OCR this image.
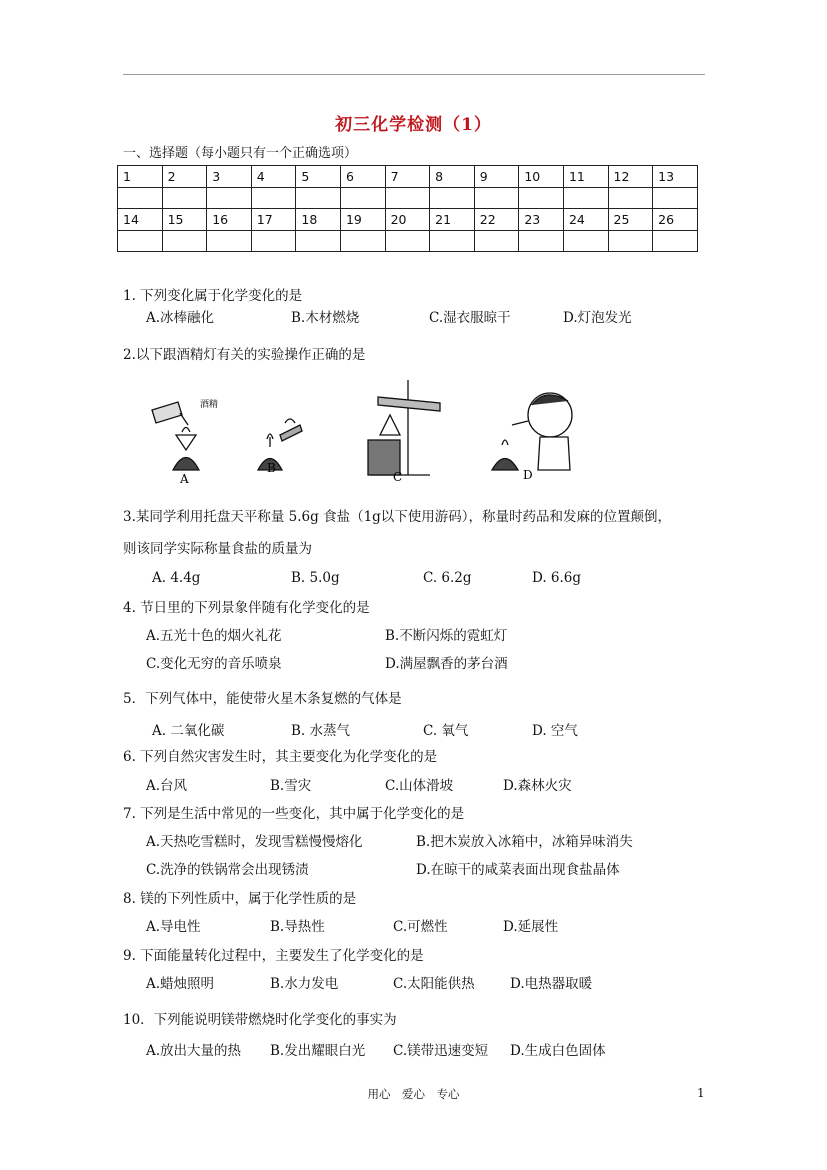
初三化学检测（1）
一、选择题（每小题只有一个正确选项）
1	2	3	4	5	6	7	8	9	10	11	12	13

14	15	16	17	18	19	20	21	22	23	24	25	26

A.冰棒融化	B.木材燃烧	C.湿衣服晾干	D.灯泡发光
1. 下列变化属于化学变化的是
2.以下跟酒精灯有关的实验操作正确的是
酒精
A
B
C	D
3.某同学利用托盘天平称量 5.6g 食盐（1g以下使用游码），称量时药品和发麻的位置颠倒，
则该同学实际称量食盐的质量为
A. 4.4g	B. 5.0g	C. 6.2g	D. 6.6g
4. 节日里的下列景象伴随有化学变化的是
A.五光十色的烟火礼花	B.不断闪烁的霓虹灯
C.变化无穷的音乐喷泉	D.满屋飘香的茅台酒
5．下列气体中，能使带火星木条复燃的气体是
A. 二氧化碳	B. 水蒸气	C. 氧气	D. 空气
6. 下列自然灾害发生时，其主要变化为化学变化的是
A.台风	B.雪灾	C.山体滑坡	D.森林火灾
7. 下列是生活中常见的一些变化，其中属于化学变化的是
A.天热吃雪糕时，发现雪糕慢慢熔化	B.把木炭放入冰箱中，冰箱异味消失
C.洗净的铁锅常会出现锈渍	D.在晾干的咸菜表面出现食盐晶体
8. 镁的下列性质中，属于化学性质的是
A.导电性	B.导热性	C.可燃性	D.延展性
9. 下面能量转化过程中，主要发生了化学变化的是
A.蜡烛照明	B.水力发电	C.太阳能供热	D.电热器取暖
10．下列能说明镁带燃烧时化学变化的事实为
A.放出大量的热 B.发出耀眼白光 C.镁带迅速变短 D.生成白色固体
用心　爱心　专心	1
